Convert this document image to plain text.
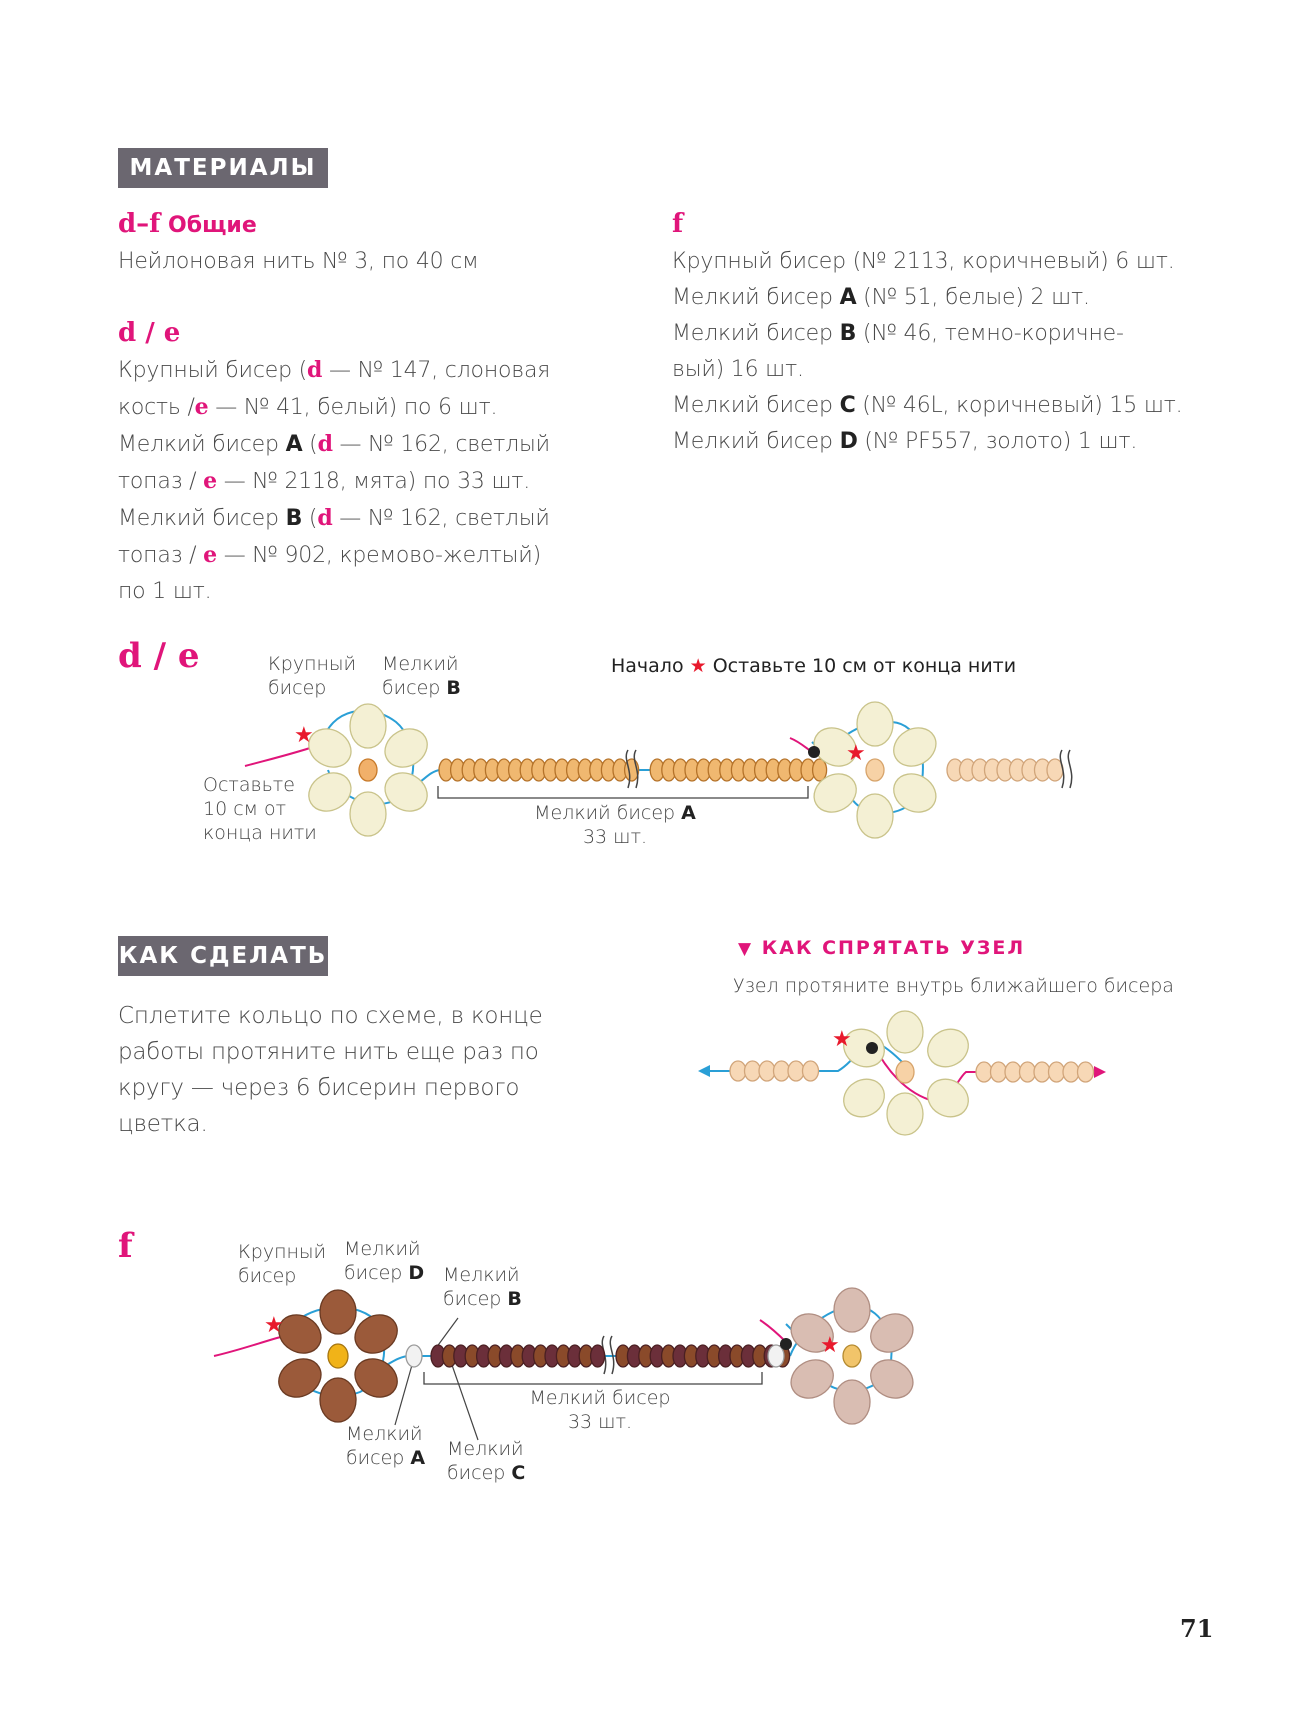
МАТЕРИАЛЫ
d–f Общие
Нейлоновая нить № 3, по 40 см
d / e
Крупный бисер (d — № 147, слоновая
кость /e — № 41, белый) по 6 шт.
Мелкий бисер A (d — № 162, светлый
топаз / e — № 2118, мята) по 33 шт.
Мелкий бисер B (d — № 162, светлый
топаз / e — № 902, кремово-желтый)
по 1 шт.
f
Крупный бисер (№ 2113, коричневый) 6 шт.
Мелкий бисер A (№ 51, белые) 2 шт.
Мелкий бисер B (№ 46, темно-коричне-
вый) 16 шт.
Мелкий бисер C (№ 46L, коричневый) 15 шт.
Мелкий бисер D (№ PF557, золото) 1 шт.
d / e	Крупный
бисер
Мелкий
бисер B
Начало ★ Оставьте 10 см от конца нити
Оставьте
10 см от
конца нити
Мелкий бисер A
33 шт.
★
★
КАК СДЕЛАТЬ
Сплетите кольцо по схеме, в конце
работы протяните нить еще раз по
кругу — через 6 бисерин первого
цветка.
▼ КАК СПРЯТАТЬ УЗЕЛ
Узел протяните внутрь ближайшего бисера
★
f	Крупный
бисер
Мелкий
бисер D Мелкий
бисер B
Мелкий бисер
33 шт.
Мелкий
бисер A Мелкий
бисер C
★
★
71
